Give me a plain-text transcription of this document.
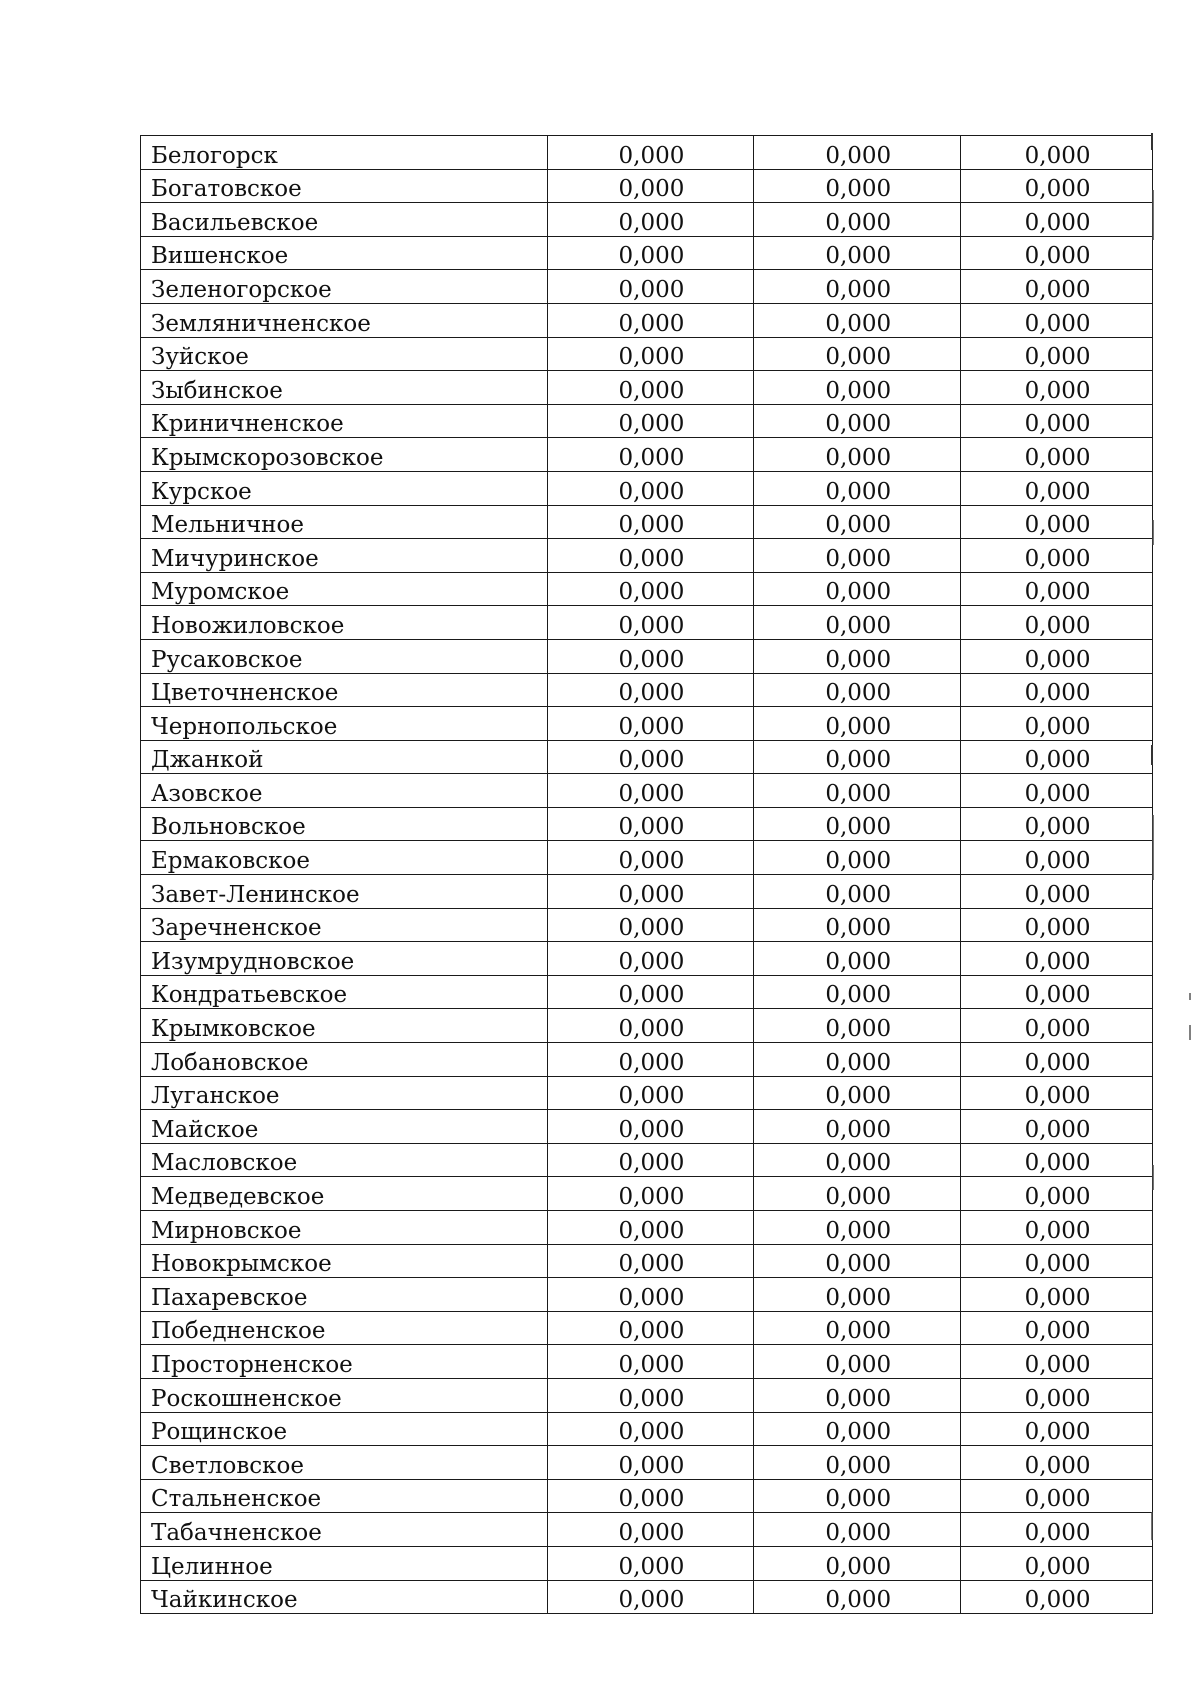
Белогорск	0,000	0,000	0,000
Богатовское	0,000	0,000	0,000
Васильевское	0,000	0,000	0,000
Вишенское	0,000	0,000	0,000
Зеленогорское	0,000	0,000	0,000
Земляничненское	0,000	0,000	0,000
Зуйское	0,000	0,000	0,000
Зыбинское	0,000	0,000	0,000
Криничненское	0,000	0,000	0,000
Крымскорозовское	0,000	0,000	0,000
Курское	0,000	0,000	0,000
Мельничное	0,000	0,000	0,000
Мичуринское	0,000	0,000	0,000
Муромское	0,000	0,000	0,000
Новожиловское	0,000	0,000	0,000
Русаковское	0,000	0,000	0,000
Цветочненское	0,000	0,000	0,000
Чернопольское	0,000	0,000	0,000
Джанкой	0,000	0,000	0,000
Азовское	0,000	0,000	0,000
Вольновское	0,000	0,000	0,000
Ермаковское	0,000	0,000	0,000
Завет-Ленинское	0,000	0,000	0,000
Заречненское	0,000	0,000	0,000
Изумрудновское	0,000	0,000	0,000
Кондратьевское	0,000	0,000	0,000
Крымковское	0,000	0,000	0,000
Лобановское	0,000	0,000	0,000
Луганское	0,000	0,000	0,000
Майское	0,000	0,000	0,000
Масловское	0,000	0,000	0,000
Медведевское	0,000	0,000	0,000
Мирновское	0,000	0,000	0,000
Новокрымское	0,000	0,000	0,000
Пахаревское	0,000	0,000	0,000
Победненское	0,000	0,000	0,000
Просторненское	0,000	0,000	0,000
Роскошненское	0,000	0,000	0,000
Рощинское	0,000	0,000	0,000
Светловское	0,000	0,000	0,000
Стальненское	0,000	0,000	0,000
Табачненское	0,000	0,000	0,000
Целинное	0,000	0,000	0,000
Чайкинское	0,000	0,000	0,000
